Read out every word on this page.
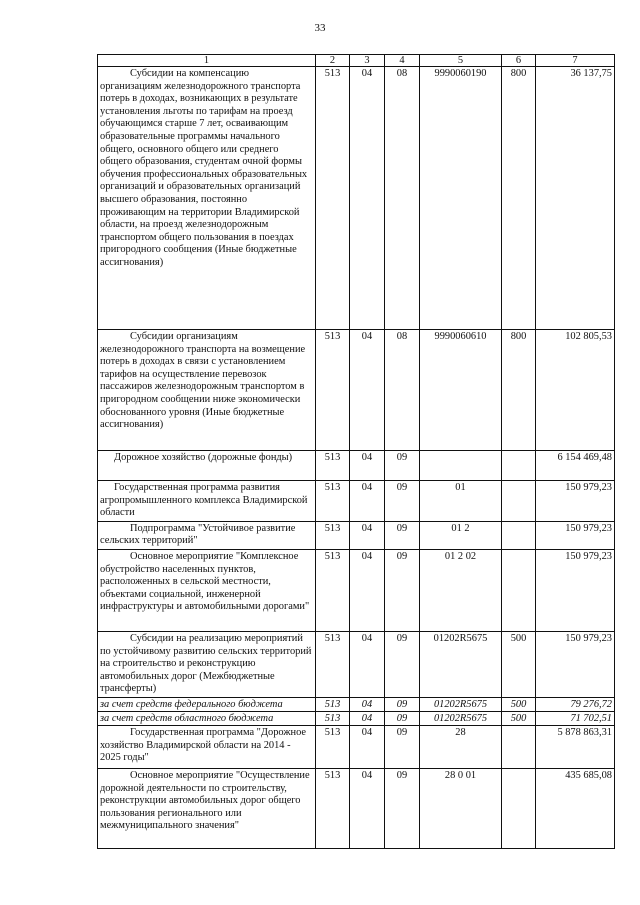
33
1	2	3	4	5	6	7
Субсидии на компенсацию организациям железнодорожного транспорта потерь в доходах, возникающих в результате установления льготы по тарифам на проезд обучающимся старше 7 лет, осваивающим образовательные программы начального общего, основного общего или среднего общего образования, студентам очной формы обучения профессиональных образовательных организаций и образовательных организаций высшего образования, постоянно проживающим на территории Владимирской области, на проезд железнодорожным транспортом общего пользования в поездах пригородного сообщения (Иные бюджетные ассигнования)	513	04	08	9990060190	800	36 137,75
Субсидии организациям железнодорожного транспорта на возмещение потерь в доходах в связи с установлением тарифов на осуществление перевозок пассажиров железнодорожным транспортом в пригородном сообщении ниже экономически обоснованного уровня (Иные бюджетные ассигнования)	513	04	08	9990060610	800	102 805,53
Дорожное хозяйство (дорожные фонды)	513	04	09			6 154 469,48
Государственная программа развития агропромышленного комплекса Владимирской области	513	04	09	01		150 979,23
Подпрограмма "Устойчивое развитие сельских территорий"	513	04	09	01 2		150 979,23
Основное мероприятие "Комплексное обустройство населенных пунктов, расположенных в сельской местности, объектами социальной, инженерной инфраструктуры и автомобильными дорогами"	513	04	09	01 2 02		150 979,23
Субсидии на реализацию мероприятий по устойчивому развитию сельских территорий на строительство и реконструкцию автомобильных дорог (Межбюджетные трансферты)	513	04	09	01202R5675	500	150 979,23
за счет средств федерального бюджета	513	04	09	01202R5675	500	79 276,72
за счет средств областного бюджета	513	04	09	01202R5675	500	71 702,51
Государственная программа "Дорожное хозяйство Владимирской области на 2014 - 2025 годы"	513	04	09	28		5 878 863,31
Основное мероприятие "Осуществление дорожной деятельности по строительству, реконструкции автомобильных дорог общего пользования регионального или межмуниципального значения"	513	04	09	28 0 01		435 685,08
